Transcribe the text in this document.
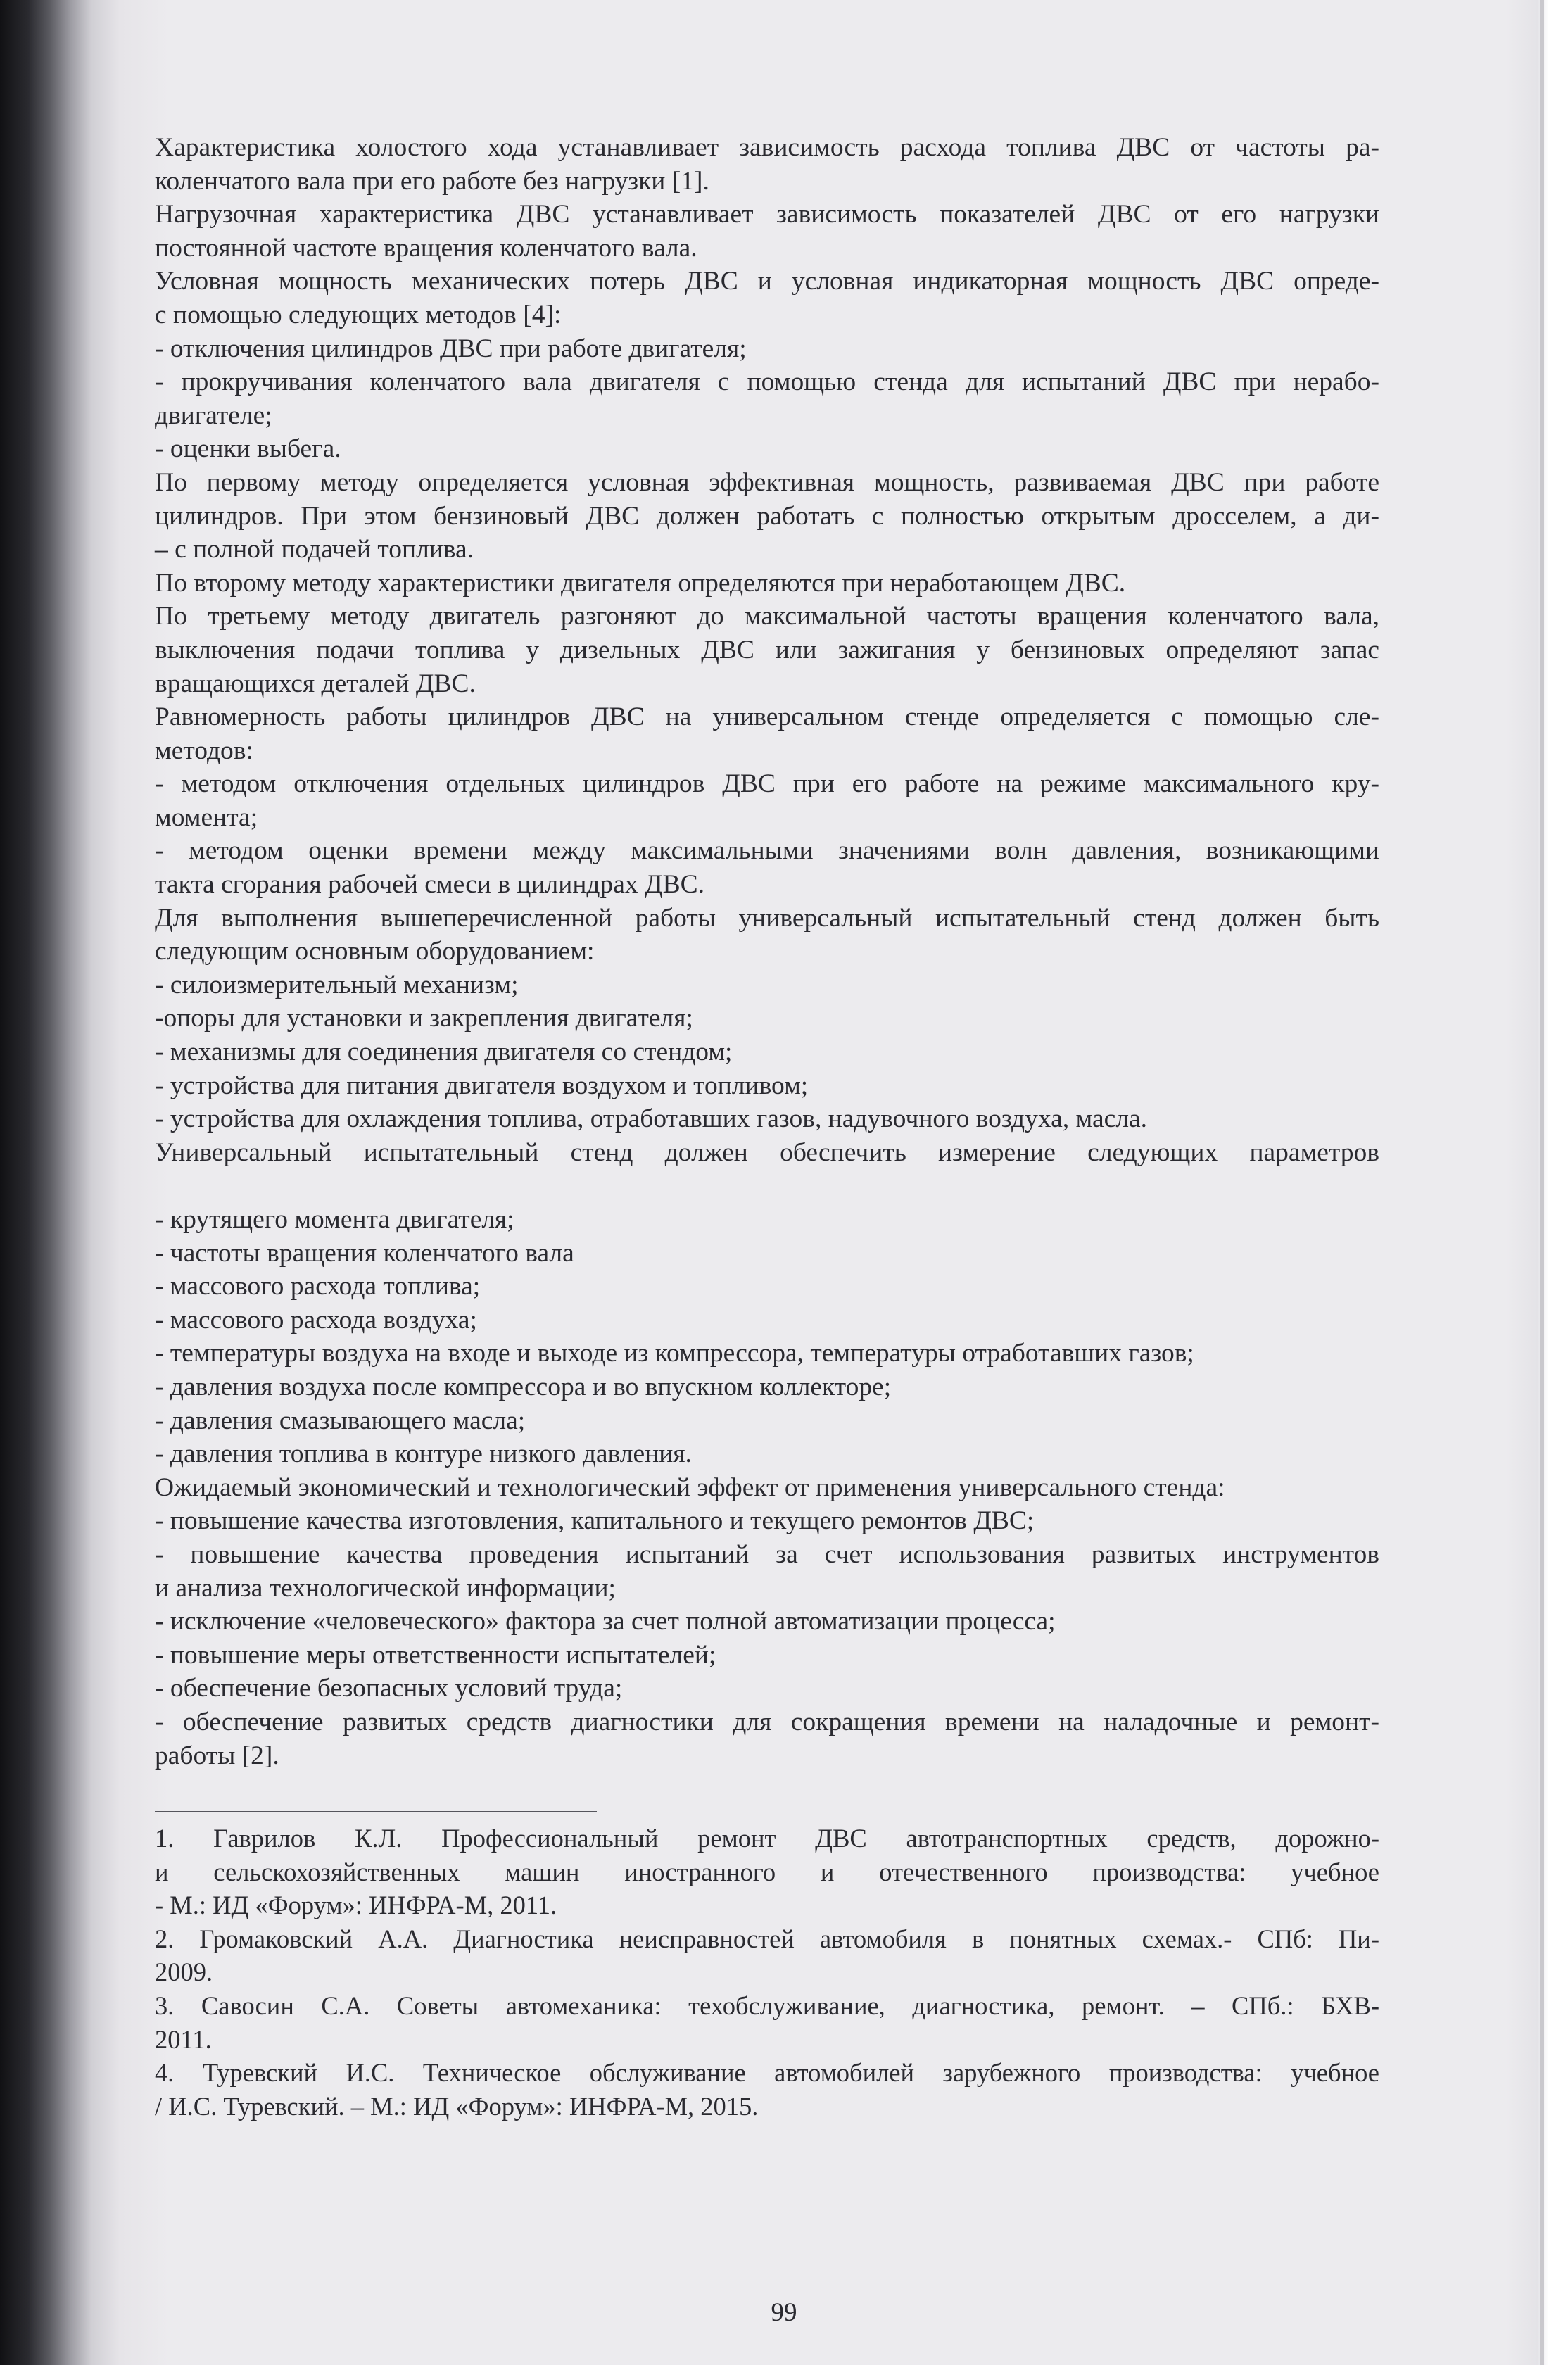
Характеристика холостого хода устанавливает зависимость расхода топлива ДВС от частоты ра-
коленчатого вала при его работе без нагрузки [1].
Нагрузочная характеристика ДВС устанавливает зависимость показателей ДВС от его нагрузки
постоянной частоте вращения коленчатого вала.
Условная мощность механических потерь ДВС и условная индикаторная мощность ДВС опреде-
с помощью следующих методов [4]:
- отключения цилиндров ДВС при работе двигателя;
- прокручивания коленчатого вала двигателя с помощью стенда для испытаний ДВС при нерабо-
двигателе;
- оценки выбега.
По первому методу определяется условная эффективная мощность, развиваемая ДВС при работе
цилиндров. При этом бензиновый ДВС должен работать с полностью открытым дросселем, а ди-
– с полной подачей топлива.
По второму методу характеристики двигателя определяются при неработающем ДВС.
По третьему методу двигатель разгоняют до максимальной частоты вращения коленчатого вала,
выключения подачи топлива у дизельных ДВС или зажигания у бензиновых определяют запас
вращающихся деталей ДВС.
Равномерность работы цилиндров ДВС на универсальном стенде определяется с помощью сле-
методов:
- методом отключения отдельных цилиндров ДВС при его работе на режиме максимального кру-
момента;
- методом оценки времени между максимальными значениями волн давления, возникающими
такта сгорания рабочей смеси в цилиндрах ДВС.
Для выполнения вышеперечисленной работы универсальный испытательный стенд должен быть
следующим основным оборудованием:
- силоизмерительный механизм;
-опоры для установки и закрепления двигателя;
- механизмы для соединения двигателя со стендом;
- устройства для питания двигателя воздухом и топливом;
- устройства для охлаждения топлива, отработавших газов, надувочного воздуха, масла.
Универсальный испытательный стенд должен обеспечить измерение следующих параметров
- крутящего момента двигателя;
- частоты вращения коленчатого вала
- массового расхода топлива;
- массового расхода воздуха;
- температуры воздуха на входе и выходе из компрессора, температуры отработавших газов;
- давления воздуха после компрессора и во впускном коллекторе;
- давления смазывающего масла;
- давления топлива в контуре низкого давления.
Ожидаемый экономический и технологический эффект от применения универсального стенда:
- повышение качества изготовления, капитального и текущего ремонтов ДВС;
- повышение качества проведения испытаний за счет использования развитых инструментов
и анализа технологической информации;
- исключение «человеческого» фактора за счет полной автоматизации процесса;
- повышение меры ответственности испытателей;
- обеспечение безопасных условий труда;
- обеспечение развитых средств диагностики для сокращения времени на наладочные и ремонт-
работы [2].
1. Гаврилов К.Л. Профессиональный ремонт ДВС автотранспортных средств, дорожно-
и сельскохозяйственных машин иностранного и отечественного производства: учебное
- М.: ИД «Форум»: ИНФРА-М, 2011.
2. Громаковский А.А. Диагностика неисправностей автомобиля в понятных схемах.- СПб: Пи-
2009.
3. Савосин С.А. Советы автомеханика: техобслуживание, диагностика, ремонт. – СПб.: БХВ-
2011.
4. Туревский И.С. Техническое обслуживание автомобилей зарубежного производства: учебное
/ И.С. Туревский. – М.: ИД «Форум»: ИНФРА-М, 2015.
99
